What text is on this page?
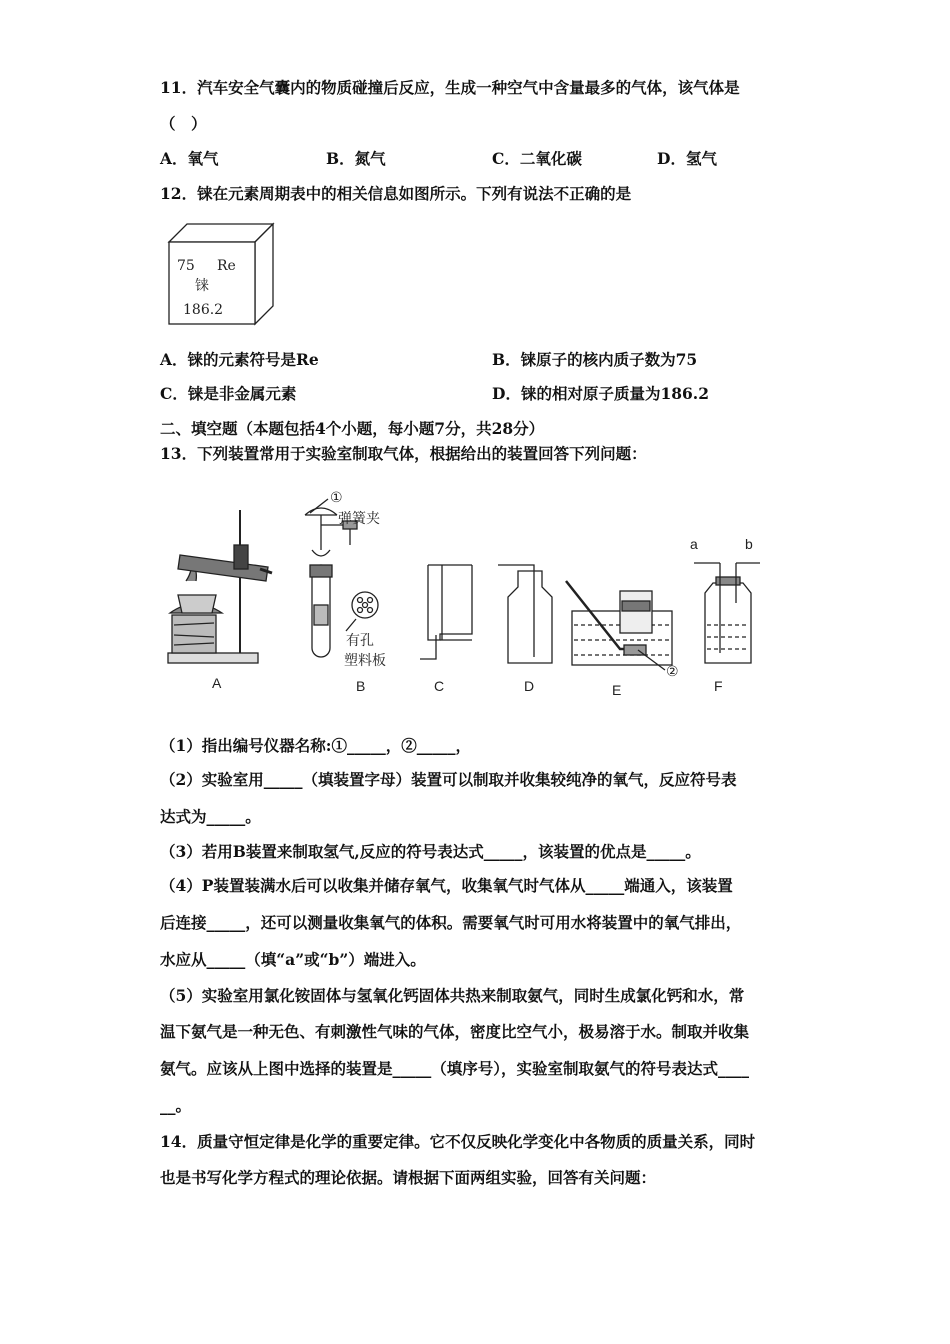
11．汽车安全气囊内的物质碰撞后反应，生成一种空气中含量最多的气体，该气体是
（　）
A．氧气	B．氮气	C．二氧化碳	D．氢气
12．铼在元素周期表中的相关信息如图所示。下列有说法不正确的是
75 Re
铼
186.2
A．铼的元素符号是Re	B．铼原子的核内质子数为75
C．铼是非金属元素	D．铼的相对原子质量为186.2
二、填空题（本题包括4个小题，每小题7分，共28分）
13．下列装置常用于实验室制取气体，根据给出的装置回答下列问题：
①
弹簧夹
有孔
塑料板
②
a	b
A	B	C	D	E	F
（1）指出编号仪器名称:①_____，②_____，
（2）实验室用_____（填装置字母）装置可以制取并收集较纯净的氧气，反应符号表
达式为_____。
（3）若用B装置来制取氢气,反应的符号表达式_____，该装置的优点是_____。
（4）P装置装满水后可以收集并储存氧气，收集氧气时气体从_____端通入，该装置
后连接_____，还可以测量收集氧气的体积。需要氧气时可用水将装置中的氧气排出，
水应从_____（填“a”或“b”）端进入。
（5）实验室用氯化铵固体与氢氧化钙固体共热来制取氨气，同时生成氯化钙和水，常
温下氨气是一种无色、有刺激性气味的气体，密度比空气小，极易溶于水。制取并收集
氨气。应该从上图中选择的装置是_____（填序号），实验室制取氨气的符号表达式____
__。
14．质量守恒定律是化学的重要定律。它不仅反映化学变化中各物质的质量关系，同时
也是书写化学方程式的理论依据。请根据下面两组实验，回答有关问题：
